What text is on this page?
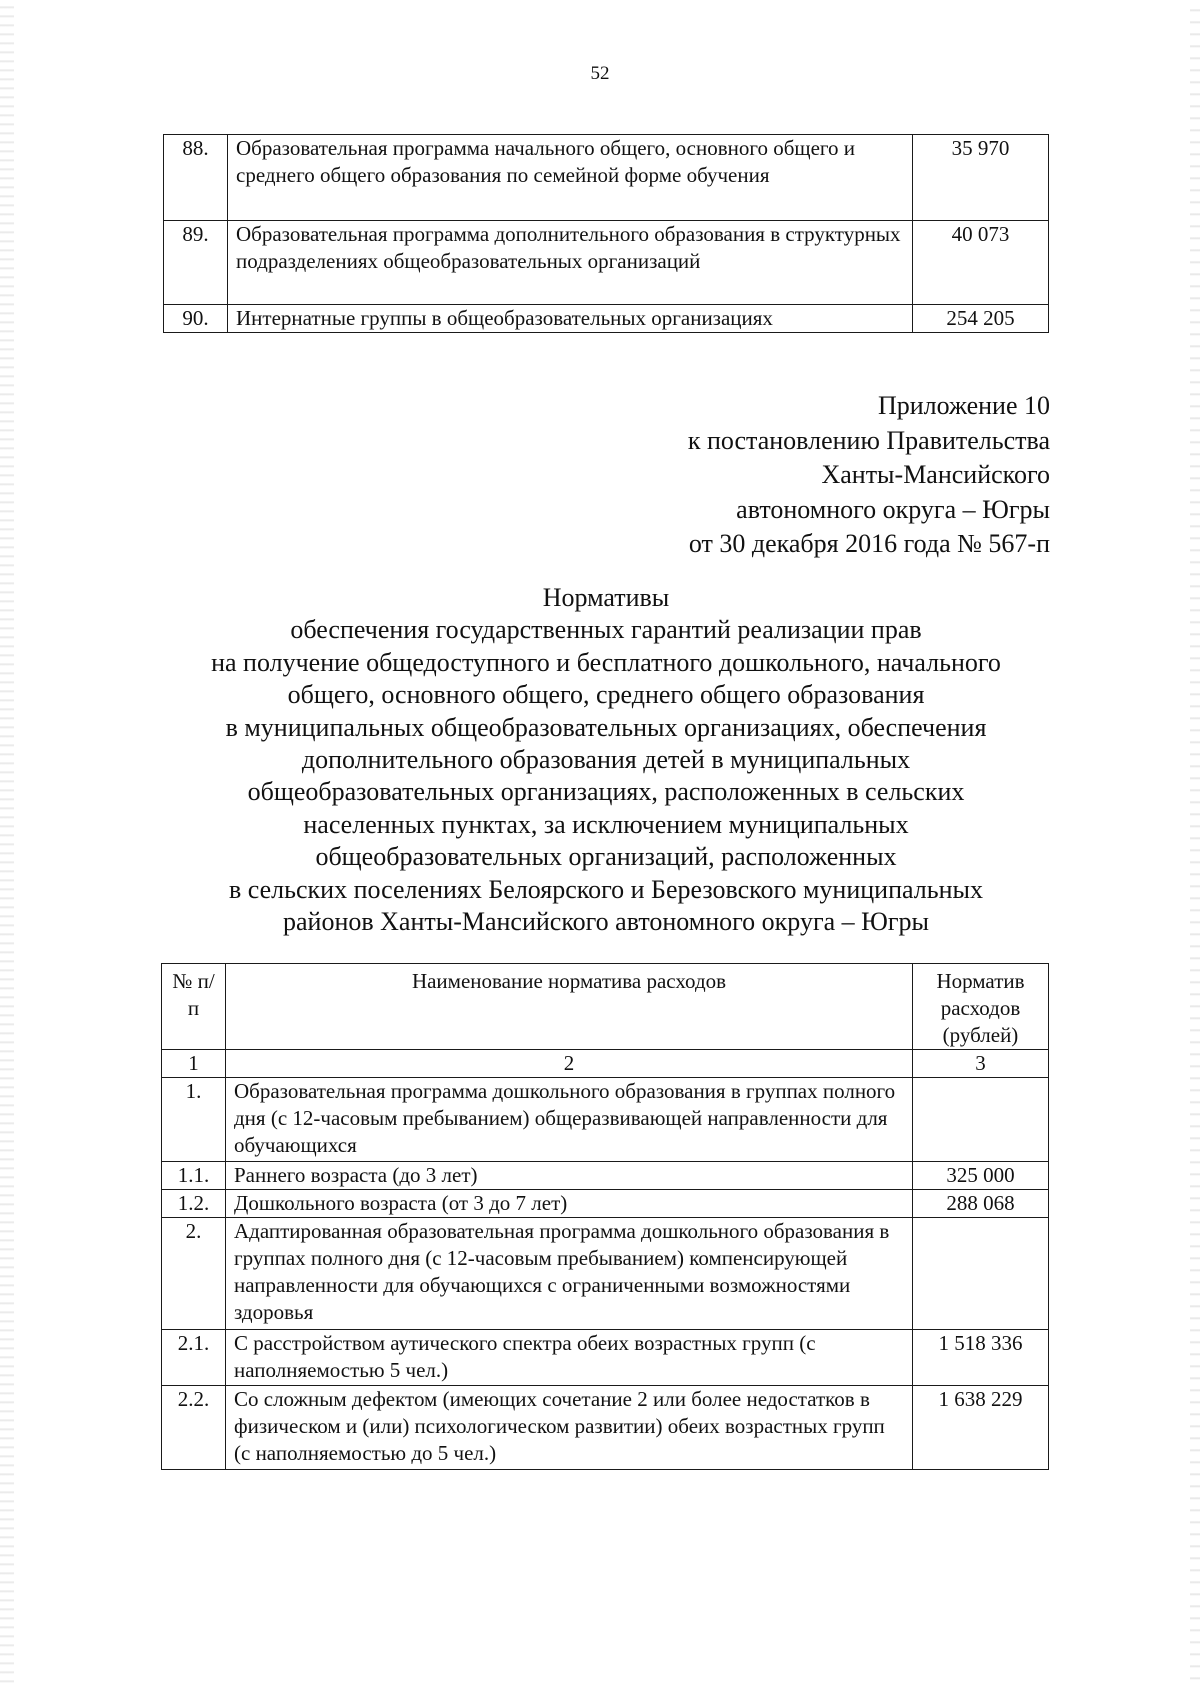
52
88.	Образовательная программа начального общего, основного общего и среднего общего образования по семейной форме обучения	35 970
89.	Образовательная программа дополнительного образования в структурных подразделениях общеобразовательных организаций	40 073
90.	Интернатные группы в общеобразовательных организациях	254 205
Приложение 10
к постановлению Правительства
Ханты-Мансийского
автономного округа – Югры
от 30 декабря 2016 года № 567-п
Нормативы
обеспечения государственных гарантий реализации прав
на получение общедоступного и бесплатного дошкольного, начального
общего, основного общего, среднего общего образования
в муниципальных общеобразовательных организациях, обеспечения
дополнительного образования детей в муниципальных
общеобразовательных организациях, расположенных в сельских
населенных пунктах, за исключением муниципальных
общеобразовательных организаций, расположенных
в сельских поселениях Белоярского и Березовского муниципальных
районов Ханты-Мансийского автономного округа – Югры
№ п/п	Наименование норматива расходов	Норматив расходов (рублей)
1	2	3
1.	Образовательная программа дошкольного образования в группах полного дня (с 12-часовым пребыванием) общеразвивающей направленности для обучающихся	
1.1.	Раннего возраста (до 3 лет)	325 000
1.2.	Дошкольного возраста (от 3 до 7 лет)	288 068
2.	Адаптированная образовательная программа дошкольного образования в группах полного дня (с 12-часовым пребыванием) компенсирующей направленности для обучающихся с ограниченными возможностями здоровья	
2.1.	С расстройством аутического спектра обеих возрастных групп (с наполняемостью 5 чел.)	1 518 336
2.2.	Со сложным дефектом (имеющих сочетание 2 или более недостатков в физическом и (или) психологическом развитии) обеих возрастных групп (с наполняемостью до 5 чел.)	1 638 229
